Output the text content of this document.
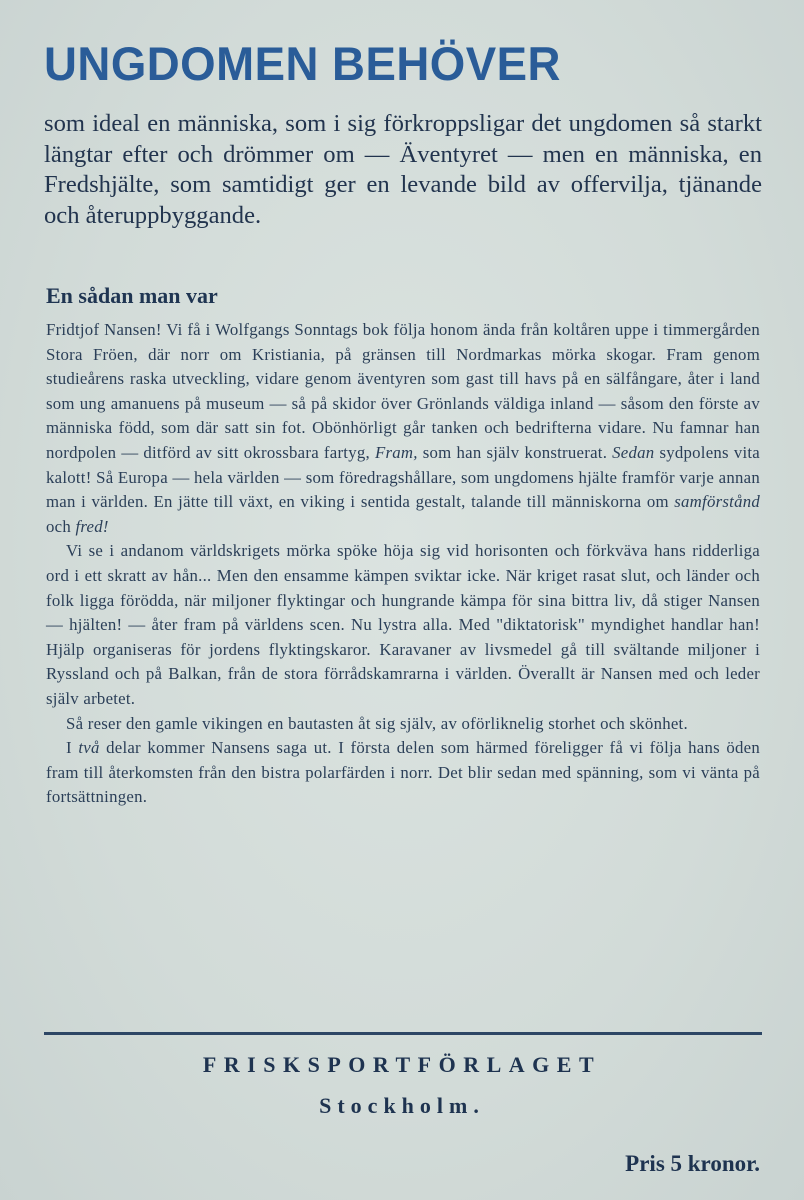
UNGDOMEN BEHÖVER

som ideal en människa, som i sig förkroppsligar det ungdomen så starkt längtar efter och drömmer om — Äventyret — men en människa, en Fredshjälte, som samtidigt ger en levande bild av offervilja, tjänande och återuppbyggande.

En sådan man var

Fridtjof Nansen! Vi få i Wolfgangs Sonntags bok följa honom ända från koltåren uppe i timmergården Stora Fröen, där norr om Kristiania, på gränsen till Nordmarkas mörka skogar. Fram genom studieårens raska utveckling, vidare genom äventyren som gast till havs på en sälfångare, åter i land som ung amanuens på museum — så på skidor över Grönlands väldiga inland — såsom den förste av människa född, som där satt sin fot. Obönhörligt går tanken och bedrifterna vidare. Nu famnar han nordpolen — ditförd av sitt okrossbara fartyg, Fram, som han själv konstruerat. Sedan sydpolens vita kalott! Så Europa — hela världen — som föredragshållare, som ungdomens hjälte framför varje annan man i världen. En jätte till växt, en viking i sentida gestalt, talande till människorna om samförstånd och fred!

Vi se i andanom världskrigets mörka spöke höja sig vid horisonten och förkväva hans ridderliga ord i ett skratt av hån... Men den ensamme kämpen sviktar icke. När kriget rasat slut, och länder och folk ligga förödda, när miljoner flyktingar och hungrande kämpa för sina bittra liv, då stiger Nansen — hjälten! — åter fram på världens scen. Nu lystra alla. Med "diktatorisk" myndighet handlar han! Hjälp organiseras för jordens flyktingskaror. Karavaner av livsmedel gå till svältande miljoner i Ryssland och på Balkan, från de stora förrådskamrarna i världen. Överallt är Nansen med och leder själv arbetet.

Så reser den gamle vikingen en bautasten åt sig själv, av oförliknelig storhet och skönhet.

I två delar kommer Nansens saga ut. I första delen som härmed föreligger få vi följa hans öden fram till återkomsten från den bistra polarfärden i norr. Det blir sedan med spänning, som vi vänta på fortsättningen.

FRISKSPORTFÖRLAGET

Stockholm.

Pris 5 kronor.
